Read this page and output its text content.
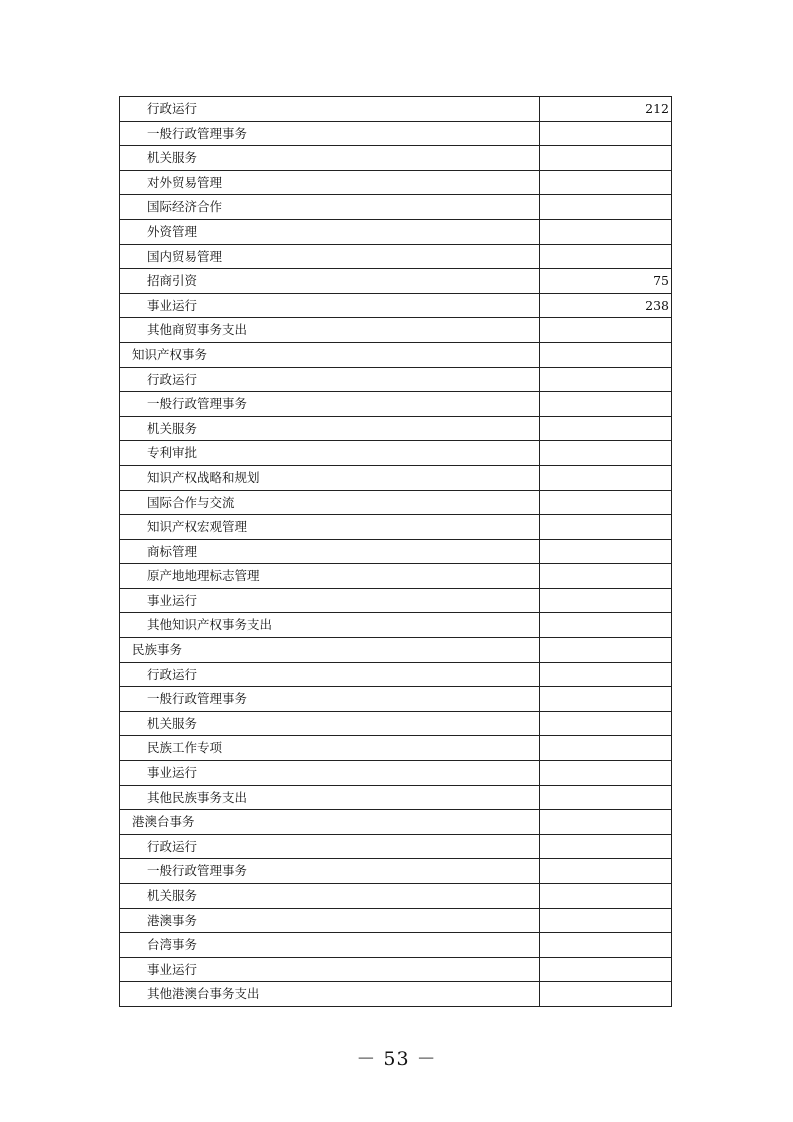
行政运行	212
一般行政管理事务	
机关服务	
对外贸易管理	
国际经济合作	
外资管理	
国内贸易管理	
招商引资	75
事业运行	238
其他商贸事务支出	
知识产权事务	
行政运行	
一般行政管理事务	
机关服务	
专利审批	
知识产权战略和规划	
国际合作与交流	
知识产权宏观管理	
商标管理	
原产地地理标志管理	
事业运行	
其他知识产权事务支出	
民族事务	
行政运行	
一般行政管理事务	
机关服务	
民族工作专项	
事业运行	
其他民族事务支出	
港澳台事务	
行政运行	
一般行政管理事务	
机关服务	
港澳事务	
台湾事务	
事业运行	
其他港澳台事务支出	
－ 53 －
